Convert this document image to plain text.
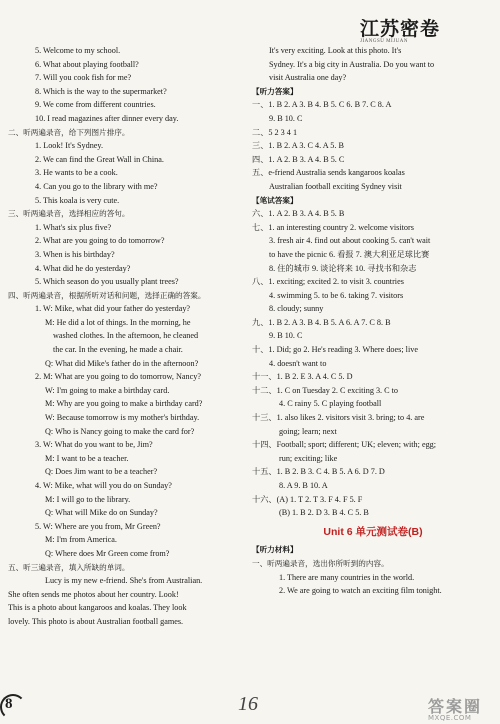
江苏密卷
JIANGSU MIJUAN
5. Welcome to my school.
6. What about playing football?
7. Will you cook fish for me?
8. Which is the way to the supermarket?
9. We come from different countries.
10. I read magazines after dinner every day.
二、听两遍录音，给下列图片排序。
1. Look! It's Sydney.
2. We can find the Great Wall in China.
3. He wants to be a cook.
4. Can you go to the library with me?
5. This koala is very cute.
三、听两遍录音，选择相应的答句。
1. What's six plus five?
2. What are you going to do tomorrow?
3. When is his birthday?
4. What did he do yesterday?
5. Which season do you usually plant trees?
四、听两遍录音，根据所听对话和问题，选择正确的答案。
1. W: Mike, what did your father do yesterday?
M: He did a lot of things. In the morning, he
washed clothes. In the afternoon, he cleaned
the car. In the evening, he made a chair.
Q: What did Mike's father do in the afternoon?
2. M: What are you going to do tomorrow, Nancy?
W: I'm going to make a birthday card.
M: Why are you going to make a birthday card?
W: Because tomorrow is my mother's birthday.
Q: Who is Nancy going to make the card for?
3. W: What do you want to be, Jim?
M: I want to be a teacher.
Q: Does Jim want to be a teacher?
4. W: Mike, what will you do on Sunday?
M: I will go to the library.
Q: What will Mike do on Sunday?
5. W: Where are you from, Mr Green?
M: I'm from America.
Q: Where does Mr Green come from?
五、听三遍录音，填入所缺的单词。
Lucy is my new e-friend. She's from Australian.
She often sends me photos about her country. Look!
This is a photo about kangaroos and koalas. They look
lovely. This photo is about Australian football games.
It's very exciting. Look at this photo. It's
Sydney. It's a big city in Australia. Do you want to
visit Australia one day?
【听力答案】
一、1. B 2. A 3. B 4. B 5. C 6. B 7. C 8. A
9. B 10. C
二、5 2 3 4 1
三、1. B 2. A 3. C 4. A 5. B
四、1. A 2. B 3. A 4. B 5. C
五、e-friend Australia sends kangaroos koalas
Australian football exciting Sydney visit
【笔试答案】
六、1. A 2. B 3. A 4. B 5. B
七、1. an interesting country 2. welcome visitors
3. fresh air 4. find out about cooking 5. can't wait
to have the picnic 6. 看报 7. 澳大利亚足球比赛
8. 住的城市 9. 谈论将来 10. 寻找书和杂志
八、1. exciting; excited 2. to visit 3. countries
4. swimming 5. to be 6. taking 7. visitors
8. cloudy; sunny
九、1. B 2. A 3. B 4. B 5. A 6. A 7. C 8. B
9. B 10. C
十、1. Did; go 2. He's reading 3. Where does; live
4. doesn't want to
十一、1. B 2. E 3. A 4. C 5. D
十二、1. C on Tuesday 2. C exciting 3. C to
4. C rainy 5. C playing football
十三、1. also likes 2. visitors visit 3. bring; to 4. are
going; learn; next
十四、Football; sport; different; UK; eleven; with; egg;
run; exciting; like
十五、1. B 2. B 3. C 4. B 5. A 6. D 7. D
8. A 9. B 10. A
十六、(A) 1. T 2. T 3. F 4. F 5. F
(B) 1. B 2. D 3. B 4. C 5. B
Unit 6 单元测试卷(B)
【听力材料】
一、听两遍录音，选出你所听到的内容。
1. There are many countries in the world.
2. We are going to watch an exciting film tonight.
8	16	答案圈
MXQE.COM
